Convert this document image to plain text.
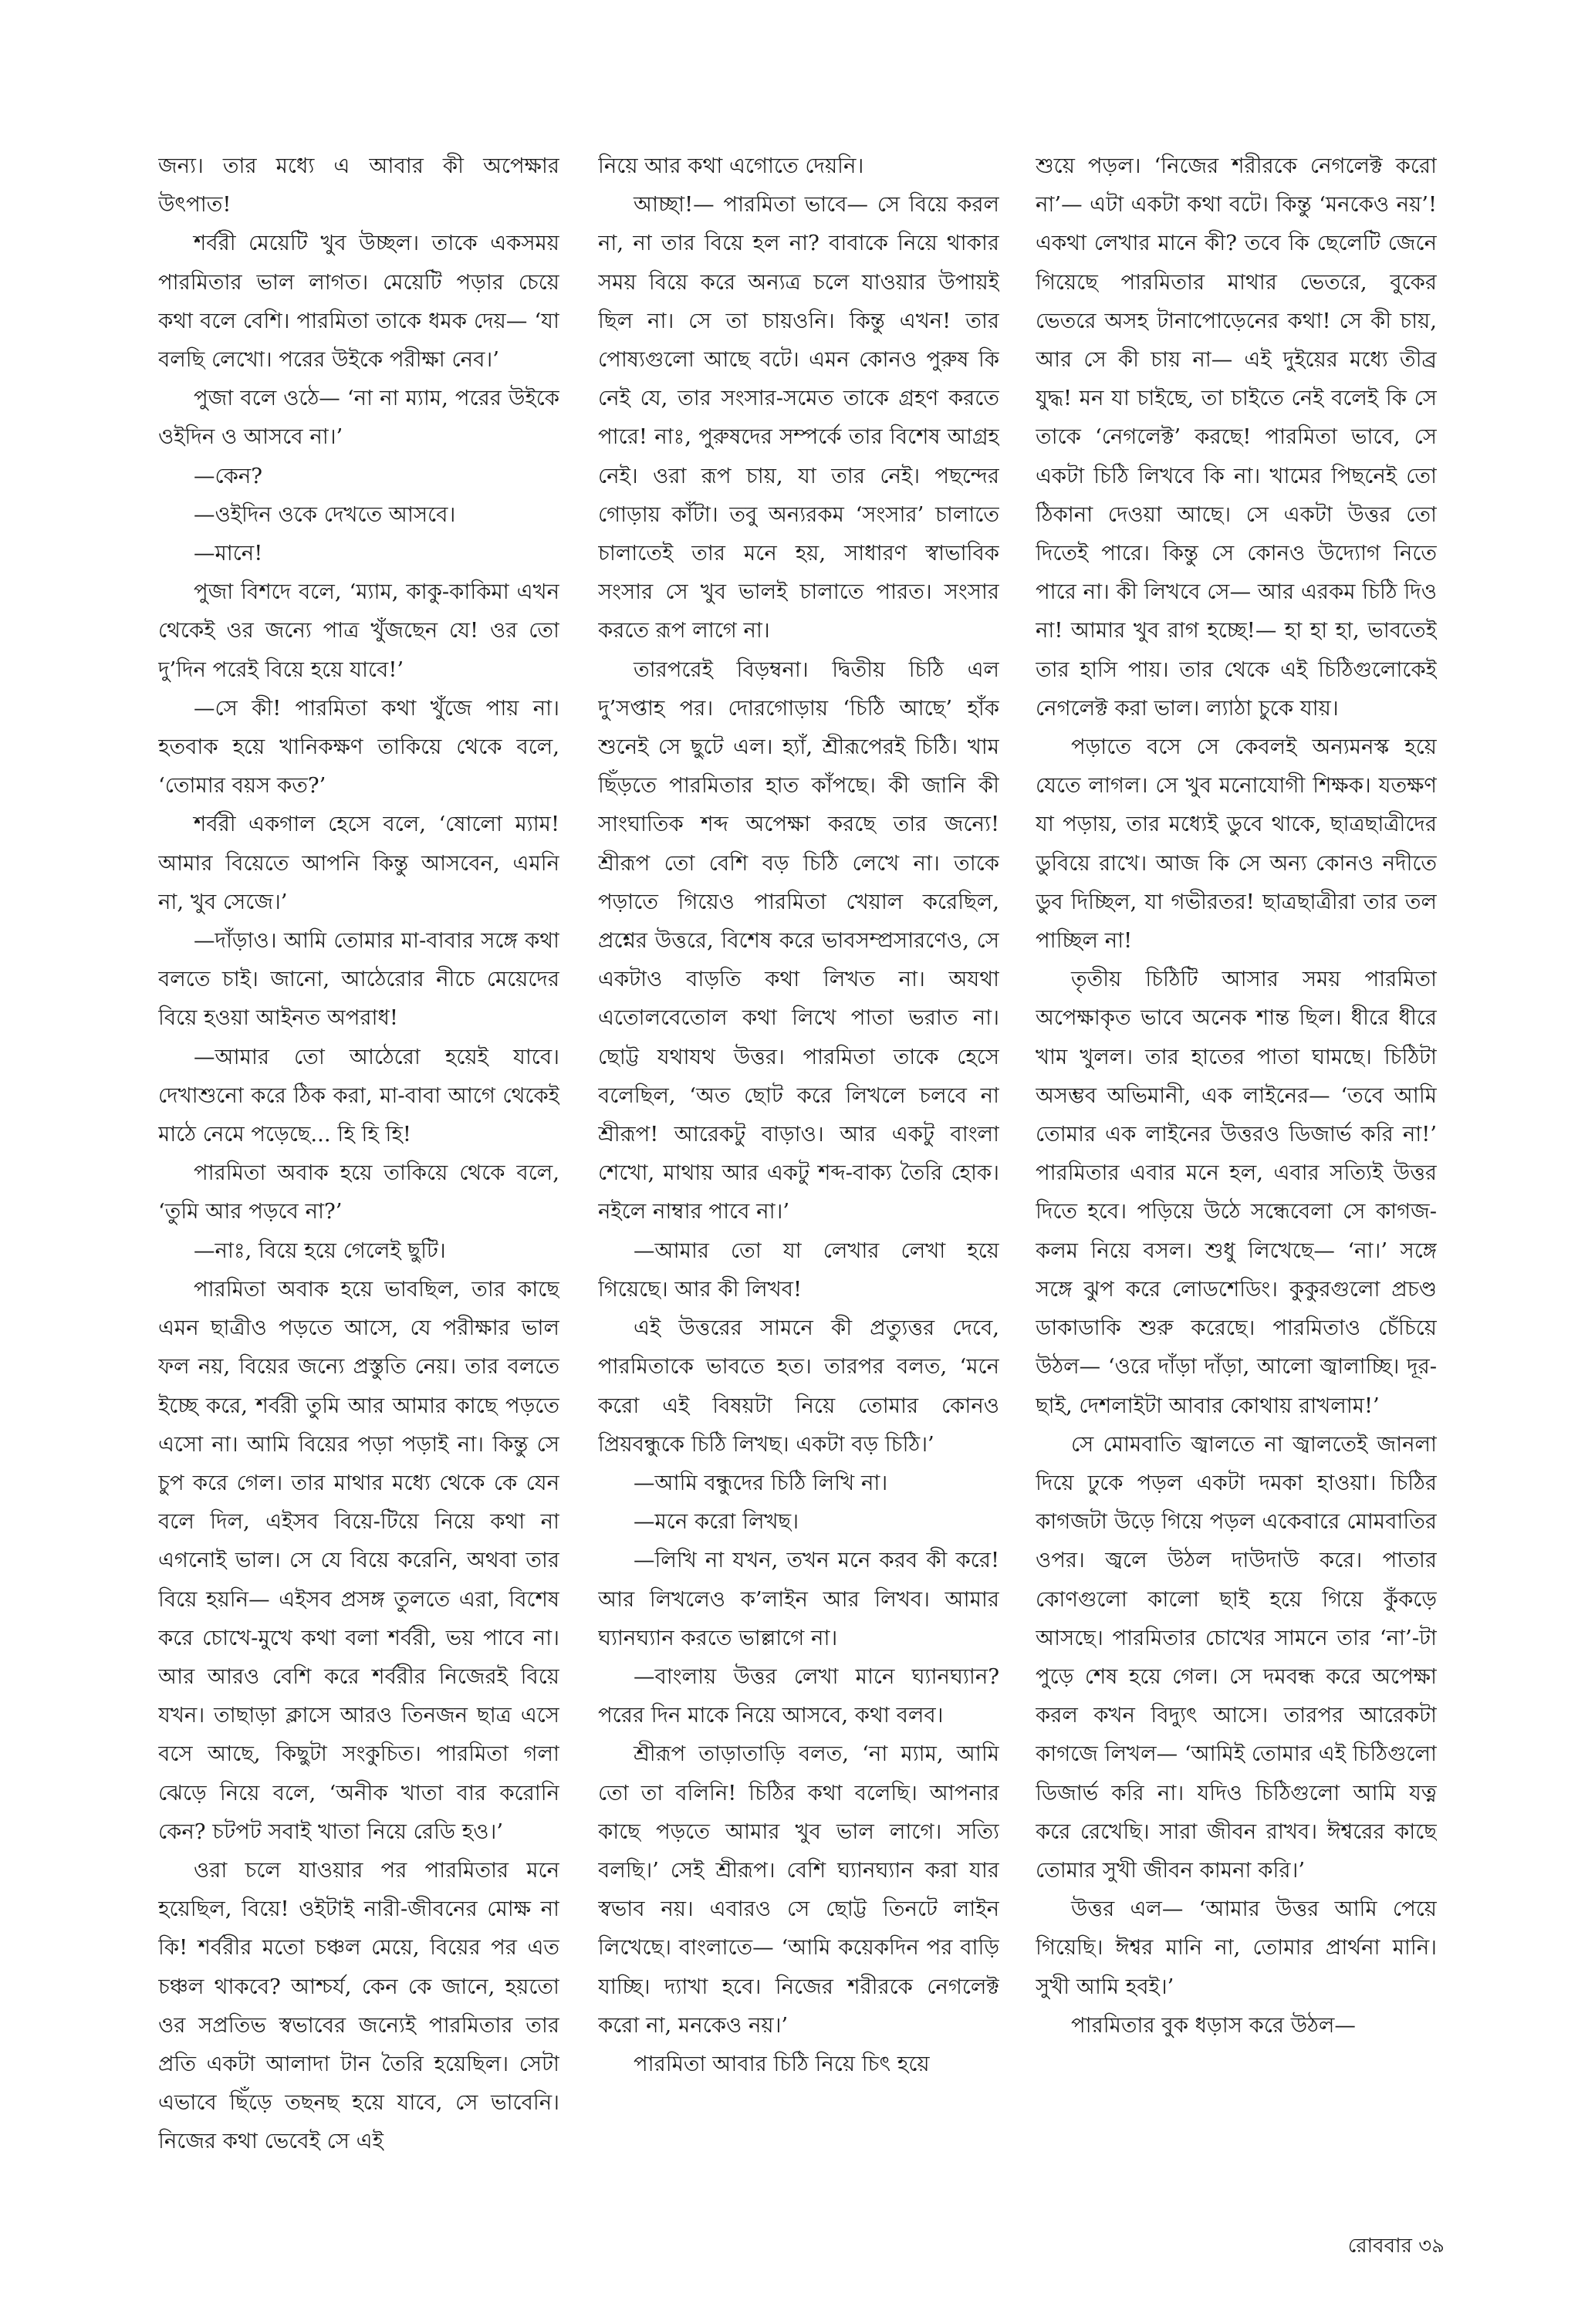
জন্য। তার মধ্যে এ আবার কী অপেক্ষার উৎপাত!

শর্বরী মেয়েটি খুব উচ্ছল। তাকে একসময় পারমিতার ভাল লাগত। মেয়েটি পড়ার চেয়ে কথা বলে বেশি। পারমিতা তাকে ধমক দেয়— ‘যা বলছি লেখো। পরের উইকে পরীক্ষা নেব।’

পুজা বলে ওঠে— ‘না না ম্যাম, পরের উইকে ওইদিন ও আসবে না।’

—কেন?

—ওইদিন ওকে দেখতে আসবে।

—মানে!

পুজা বিশদে বলে, ‘ম্যাম, কাকু-কাকিমা এখন থেকেই ওর জন্যে পাত্র খুঁজছেন যে! ওর তো দু’দিন পরেই বিয়ে হয়ে যাবে!’

—সে কী! পারমিতা কথা খুঁজে পায় না। হতবাক হয়ে খানিকক্ষণ তাকিয়ে থেকে বলে, ‘তোমার বয়স কত?’

শর্বরী একগাল হেসে বলে, ‘ষোলো ম্যাম! আমার বিয়েতে আপনি কিন্তু আসবেন, এমনি না, খুব সেজে।’

—দাঁড়াও। আমি তোমার মা-বাবার সঙ্গে কথা বলতে চাই। জানো, আঠেরোর নীচে মেয়েদের বিয়ে হওয়া আইনত অপরাধ!

—আমার তো আঠেরো হয়েই যাবে। দেখাশুনো করে ঠিক করা, মা-বাবা আগে থেকেই মাঠে নেমে পড়েছে... হি হি হি!

পারমিতা অবাক হয়ে তাকিয়ে থেকে বলে, ‘তুমি আর পড়বে না?’

—নাঃ, বিয়ে হয়ে গেলেই ছুটি।

পারমিতা অবাক হয়ে ভাবছিল, তার কাছে এমন ছাত্রীও পড়তে আসে, যে পরীক্ষার ভাল ফল নয়, বিয়ের জন্যে প্রস্তুতি নেয়। তার বলতে ইচ্ছে করে, শর্বরী তুমি আর আমার কাছে পড়তে এসো না। আমি বিয়ের পড়া পড়াই না। কিন্তু সে চুপ করে গেল। তার মাথার মধ্যে থেকে কে যেন বলে দিল, এইসব বিয়ে-টিয়ে নিয়ে কথা না এগনোই ভাল। সে যে বিয়ে করেনি, অথবা তার বিয়ে হয়নি— এইসব প্রসঙ্গ তুলতে এরা, বিশেষ করে চোখে-মুখে কথা বলা শর্বরী, ভয় পাবে না। আর আরও বেশি করে শর্বরীর নিজেরই বিয়ে যখন। তাছাড়া ক্লাসে আরও তিনজন ছাত্র এসে বসে আছে, কিছুটা সংকুচিত। পারমিতা গলা ঝেড়ে নিয়ে বলে, ‘অনীক খাতা বার করোনি কেন? চটপট সবাই খাতা নিয়ে রেডি হও।’

ওরা চলে যাওয়ার পর পারমিতার মনে হয়েছিল, বিয়ে! ওইটাই নারী-জীবনের মোক্ষ না কি! শর্বরীর মতো চঞ্চল মেয়ে, বিয়ের পর এত চঞ্চল থাকবে? আশ্চর্য, কেন কে জানে, হয়তো ওর সপ্রতিভ স্বভাবের জন্যেই পারমিতার তার প্রতি একটা আলাদা টান তৈরি হয়েছিল। সেটা এভাবে ছিঁড়ে তছনছ হয়ে যাবে, সে ভাবেনি। নিজের কথা ভেবেই সে এই

নিয়ে আর কথা এগোতে দেয়নি।

আচ্ছা!— পারমিতা ভাবে— সে বিয়ে করল না, না তার বিয়ে হল না? বাবাকে নিয়ে থাকার সময় বিয়ে করে অন্যত্র চলে যাওয়ার উপায়ই ছিল না। সে তা চায়ওনি। কিন্তু এখন! তার পোষ্যগুলো আছে বটে। এমন কোনও পুরুষ কি নেই যে, তার সংসার-সমেত তাকে গ্রহণ করতে পারে! নাঃ, পুরুষদের সম্পর্কে তার বিশেষ আগ্রহ নেই। ওরা রূপ চায়, যা তার নেই। পছন্দের গোড়ায় কাঁটা। তবু অন্যরকম ‘সংসার’ চালাতে চালাতেই তার মনে হয়, সাধারণ স্বাভাবিক সংসার সে খুব ভালই চালাতে পারত। সংসার করতে রূপ লাগে না।

তারপরেই বিড়ম্বনা। দ্বিতীয় চিঠি এল দু’সপ্তাহ পর। দোরগোড়ায় ‘চিঠি আছে’ হাঁক শুনেই সে ছুটে এল। হ্যাঁ, শ্রীরূপেরই চিঠি। খাম ছিঁড়তে পারমিতার হাত কাঁপছে। কী জানি কী সাংঘাতিক শব্দ অপেক্ষা করছে তার জন্যে! শ্রীরূপ তো বেশি বড় চিঠি লেখে না। তাকে পড়াতে গিয়েও পারমিতা খেয়াল করেছিল, প্রশ্নের উত্তরে, বিশেষ করে ভাবসম্প্রসারণেও, সে একটাও বাড়তি কথা লিখত না। অযথা এতোলবেতোল কথা লিখে পাতা ভরাত না। ছোট্ট যথাযথ উত্তর। পারমিতা তাকে হেসে বলেছিল, ‘অত ছোট করে লিখলে চলবে না শ্রীরূপ! আরেকটু বাড়াও। আর একটু বাংলা শেখো, মাথায় আর একটু শব্দ-বাক্য তৈরি হোক। নইলে নাম্বার পাবে না।’

—আমার তো যা লেখার লেখা হয়ে গিয়েছে। আর কী লিখব!

এই উত্তরের সামনে কী প্রত্যুত্তর দেবে, পারমিতাকে ভাবতে হত। তারপর বলত, ‘মনে করো এই বিষয়টা নিয়ে তোমার কোনও প্রিয়বন্ধুকে চিঠি লিখছ। একটা বড় চিঠি।’

—আমি বন্ধুদের চিঠি লিখি না।

—মনে করো লিখছ।

—লিখি না যখন, তখন মনে করব কী করে! আর লিখলেও ক’লাইন আর লিখব। আমার ঘ্যানঘ্যান করতে ভাল্লাগে না।

—বাংলায় উত্তর লেখা মানে ঘ্যানঘ্যান? পরের দিন মাকে নিয়ে আসবে, কথা বলব।

শ্রীরূপ তাড়াতাড়ি বলত, ‘না ম্যাম, আমি তো তা বলিনি! চিঠির কথা বলেছি। আপনার কাছে পড়তে আমার খুব ভাল লাগে। সত্যি বলছি।’ সেই শ্রীরূপ। বেশি ঘ্যানঘ্যান করা যার স্বভাব নয়। এবারও সে ছোট্ট তিনটে লাইন লিখেছে। বাংলাতে— ‘আমি কয়েকদিন পর বাড়ি যাচ্ছি। দ্যাখা হবে। নিজের শরীরকে নেগলেক্ট করো না, মনকেও নয়।’

পারমিতা আবার চিঠি নিয়ে চিৎ হয়ে

শুয়ে পড়ল। ‘নিজের শরীরকে নেগলেক্ট করো না’— এটা একটা কথা বটে। কিন্তু ‘মনকেও নয়’! একথা লেখার মানে কী? তবে কি ছেলেটি জেনে গিয়েছে পারমিতার মাথার ভেতরে, বুকের ভেতরে অসহ টানাপোড়েনের কথা! সে কী চায়, আর সে কী চায় না— এই দুইয়ের মধ্যে তীব্র যুদ্ধ! মন যা চাইছে, তা চাইতে নেই বলেই কি সে তাকে ‘নেগলেক্ট’ করছে! পারমিতা ভাবে, সে একটা চিঠি লিখবে কি না। খামের পিছনেই তো ঠিকানা দেওয়া আছে। সে একটা উত্তর তো দিতেই পারে। কিন্তু সে কোনও উদ্যোগ নিতে পারে না। কী লিখবে সে— আর এরকম চিঠি দিও না! আমার খুব রাগ হচ্ছে!— হা হা হা, ভাবতেই তার হাসি পায়। তার থেকে এই চিঠিগুলোকেই নেগলেক্ট করা ভাল। ল্যাঠা চুকে যায়।

পড়াতে বসে সে কেবলই অন্যমনস্ক হয়ে যেতে লাগল। সে খুব মনোযোগী শিক্ষক। যতক্ষণ যা পড়ায়, তার মধ্যেই ডুবে থাকে, ছাত্রছাত্রীদের ডুবিয়ে রাখে। আজ কি সে অন্য কোনও নদীতে ডুব দিচ্ছিল, যা গভীরতর! ছাত্রছাত্রীরা তার তল পাচ্ছিল না!

তৃতীয় চিঠিটি আসার সময় পারমিতা অপেক্ষাকৃত ভাবে অনেক শান্ত ছিল। ধীরে ধীরে খাম খুলল। তার হাতের পাতা ঘামছে। চিঠিটা অসম্ভব অভিমানী, এক লাইনের— ‘তবে আমি তোমার এক লাইনের উত্তরও ডিজার্ভ করি না!’ পারমিতার এবার মনে হল, এবার সত্যিই উত্তর দিতে হবে। পড়িয়ে উঠে সন্ধেবেলা সে কাগজ-কলম নিয়ে বসল। শুধু লিখেছে— ‘না।’ সঙ্গে সঙ্গে ঝুপ করে লোডশেডিং। কুকুরগুলো প্রচণ্ড ডাকাডাকি শুরু করেছে। পারমিতাও চেঁচিয়ে উঠল— ‘ওরে দাঁড়া দাঁড়া, আলো জ্বালাচ্ছি। দূর-ছাই, দেশলাইটা আবার কোথায় রাখলাম!’

সে মোমবাতি জ্বালতে না জ্বালতেই জানলা দিয়ে ঢুকে পড়ল একটা দমকা হাওয়া। চিঠির কাগজটা উড়ে গিয়ে পড়ল একেবারে মোমবাতির ওপর। জ্বলে উঠল দাউদাউ করে। পাতার কোণগুলো কালো ছাই হয়ে গিয়ে কুঁকড়ে আসছে। পারমিতার চোখের সামনে তার ‘না’-টা পুড়ে শেষ হয়ে গেল। সে দমবন্ধ করে অপেক্ষা করল কখন বিদ্যুৎ আসে। তারপর আরেকটা কাগজে লিখল— ‘আমিই তোমার এই চিঠিগুলো ডিজার্ভ করি না। যদিও চিঠিগুলো আমি যত্ন করে রেখেছি। সারা জীবন রাখব। ঈশ্বরের কাছে তোমার সুখী জীবন কামনা করি।’

উত্তর এল— ‘আমার উত্তর আমি পেয়ে গিয়েছি। ঈশ্বর মানি না, তোমার প্রার্থনা মানি। সুখী আমি হবই।’

পারমিতার বুক ধড়াস করে উঠল—

রোববার ৩৯
